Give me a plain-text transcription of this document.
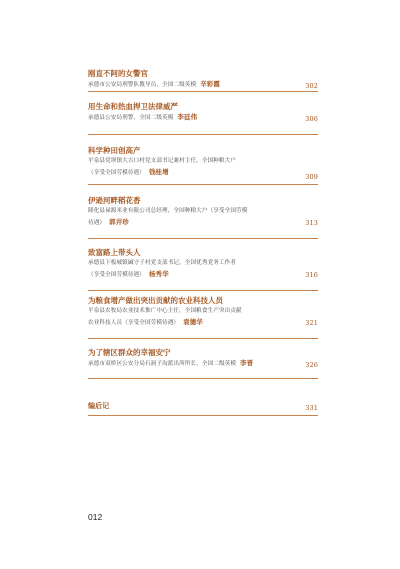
刚直不阿的女警官
承德市公安局刑警队教导员，全国二级英模 辛彩霞	302
用生命和热血捍卫法律威严
承德县公安局刑警，全国二级英模 李廷伟	306
科学种田创高产
平泉县党坝镇大吉口村党支部书记兼村主任，全国种粮大户
（享受全国劳模待遇） 钱桂增
309
伊逊河畔稻花香
隆化县禄源米业有限公司总经理，全国种粮大户（享受全国劳模
待遇） 郭井珍	313
致富路上带头人
承德县下板城镇碱守子村党支部书记，全国优秀党务工作者
（享受全国劳模待遇） 杨秀华	316
为粮食增产做出突出贡献的农业科技人员
平泉县农牧局农业技术推广中心主任，全国粮食生产突出贡献
农业科技人员（享受全国劳模待遇） 袁德华	321
为了辖区群众的幸福安宁
承德市双桥区公安分局石洞子沟派出所所长，全国二级英模 李晋	326
编后记	331
012
